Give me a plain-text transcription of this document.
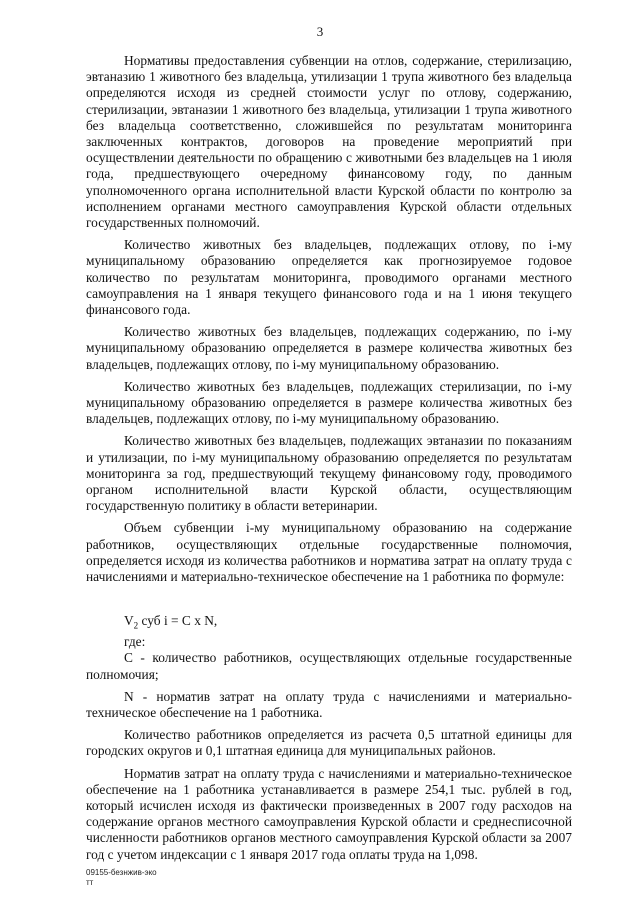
3

Нормативы предоставления субвенции на отлов, содержание, стерилизацию, эвтаназию 1 животного без владельца, утилизации 1 трупа животного без владельца определяются исходя из средней стоимости услуг по отлову, содержанию, стерилизации, эвтаназии 1 животного без владельца, утилизации 1 трупа животного без владельца соответственно, сложившейся по результатам мониторинга заключенных контрактов, договоров на проведение мероприятий при осуществлении деятельности по обращению с животными без владельцев на 1 июля года, предшествующего очередному финансовому году, по данным уполномоченного органа исполнительной власти Курской области по контролю за исполнением органами местного самоуправления Курской области отдельных государственных полномочий.

Количество животных без владельцев, подлежащих отлову, по i-му муниципальному образованию определяется как прогнозируемое годовое количество по результатам мониторинга, проводимого органами местного самоуправления на 1 января текущего финансового года и на 1 июня текущего финансового года.

Количество животных без владельцев, подлежащих содержанию, по i-му муниципальному образованию определяется в размере количества животных без владельцев, подлежащих отлову, по i-му муниципальному образованию.

Количество животных без владельцев, подлежащих стерилизации, по i-му муниципальному образованию определяется в размере количества животных без владельцев, подлежащих отлову, по i-му муниципальному образованию.

Количество животных без владельцев, подлежащих эвтаназии по показаниям и утилизации, по i-му муниципальному образованию определяется по результатам мониторинга за год, предшествующий текущему финансовому году, проводимого органом исполнительной власти Курской области, осуществляющим государственную политику в области ветеринарии.

Объем субвенции i-му муниципальному образованию на содержание работников, осуществляющих отдельные государственные полномочия, определяется исходя из количества работников и норматива затрат на оплату труда с начислениями и материально-техническое обеспечение на 1 работника по формуле:

$V_2$ суб i = C x N,

где:

С - количество работников, осуществляющих отдельные государственные полномочия;

N - норматив затрат на оплату труда с начислениями и материально-техническое обеспечение на 1 работника.

Количество работников определяется из расчета 0,5 штатной единицы для городских округов и 0,1 штатная единица для муниципальных районов.

Норматив затрат на оплату труда с начислениями и материально-техническое обеспечение на 1 работника устанавливается в размере 254,1 тыс. рублей в год, который исчислен исходя из фактически произведенных в 2007 году расходов на содержание органов местного самоуправления Курской области и среднесписочной численности работников органов местного самоуправления Курской области за 2007 год с учетом индексации с 1 января 2017 года оплаты труда на 1,098.

09155-безнжив-эко
тт
